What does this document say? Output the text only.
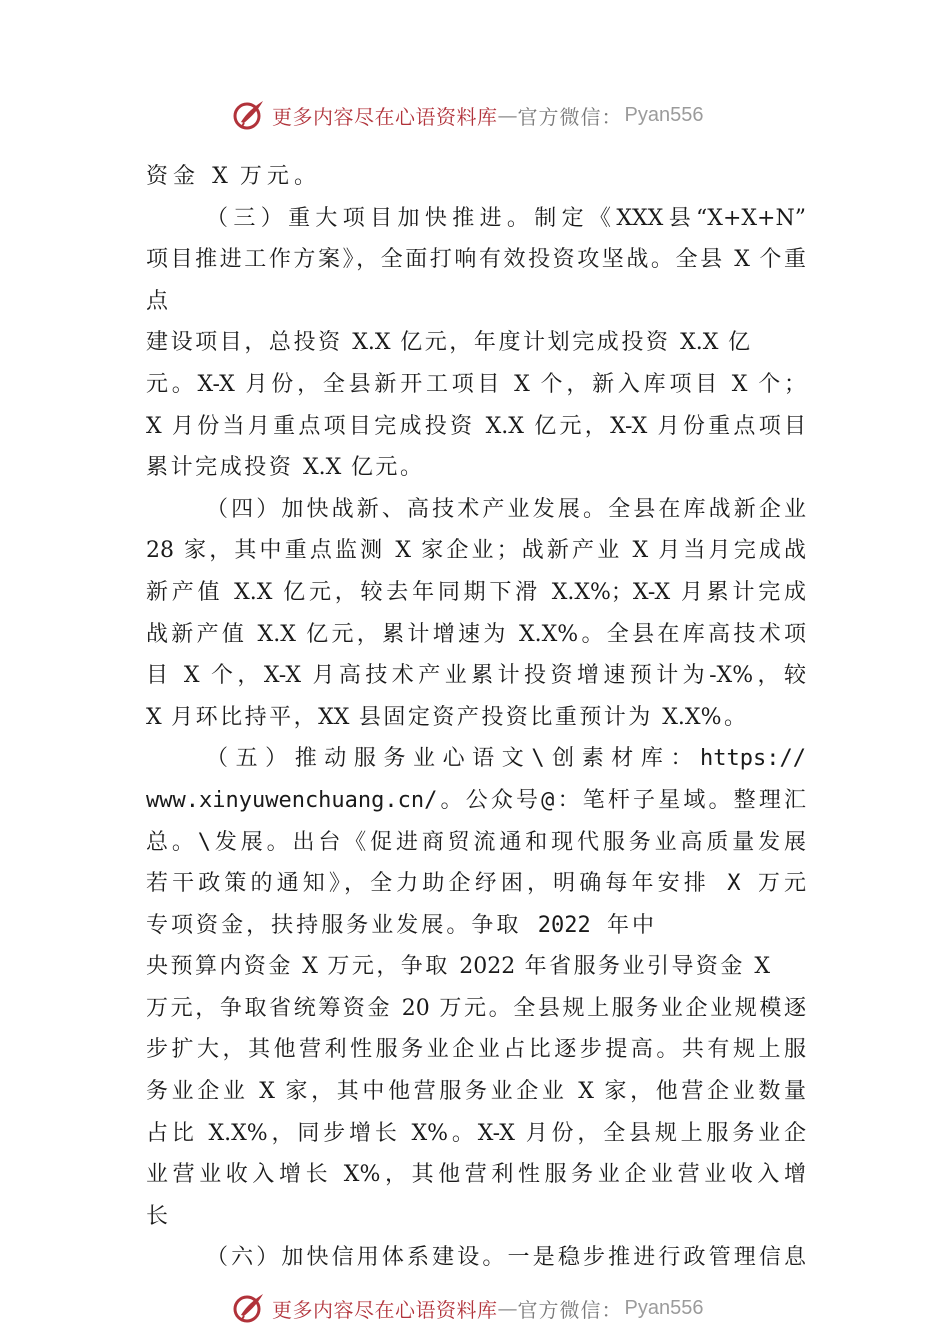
更多内容尽在心语资料库 — 官方微信： Pyan556
资金 X 万元。
（三）重大项目加快推进。制定《XXX县“X+X+N”
项目推进工作方案》，全面打响有效投资攻坚战。全县 X 个重
点
建设项目，总投资 X.X 亿元，年度计划完成投资 X.X 亿
元。X-X 月份，全县新开工项目 X 个，新入库项目 X 个；
X 月份当月重点项目完成投资 X.X 亿元，X-X 月份重点项目
累计完成投资 X.X 亿元。
（四）加快战新、高技术产业发展。全县在库战新企业
28 家，其中重点监测 X 家企业；战新产业 X 月当月完成战
新产值 X.X 亿元，较去年同期下滑 X.X%；X-X 月累计完成
战新产值 X.X 亿元，累计增速为 X.X%。全县在库高技术项
目 X 个，X-X 月高技术产业累计投资增速预计为-X%，较
X 月环比持平，XX 县固定资产投资比重预计为 X.X%。
（五）推动服务业心语文\创素材库：https://
www.xinyuwenchuang.cn/。公众号@：笔杆子星域。整理汇
总。\发展。出台《促进商贸流通和现代服务业高质量发展
若干政策的通知》，全力助企纾困，明确每年安排 X 万元
专项资金，扶持服务业发展。争取 2022 年中
央预算内资金 X 万元，争取 2022 年省服务业引导资金 X
万元，争取省统筹资金 20 万元。全县规上服务业企业规模逐
步扩大，其他营利性服务业企业占比逐步提高。共有规上服
务业企业 X 家，其中他营服务业企业 X 家，他营企业数量
占比 X.X%，同步增长 X%。X-X 月份，全县规上服务业企
业营业收入增长 X%，其他营利性服务业企业营业收入增
长
（六）加快信用体系建设。一是稳步推进行政管理信息
更多内容尽在心语资料库 — 官方微信： Pyan556
